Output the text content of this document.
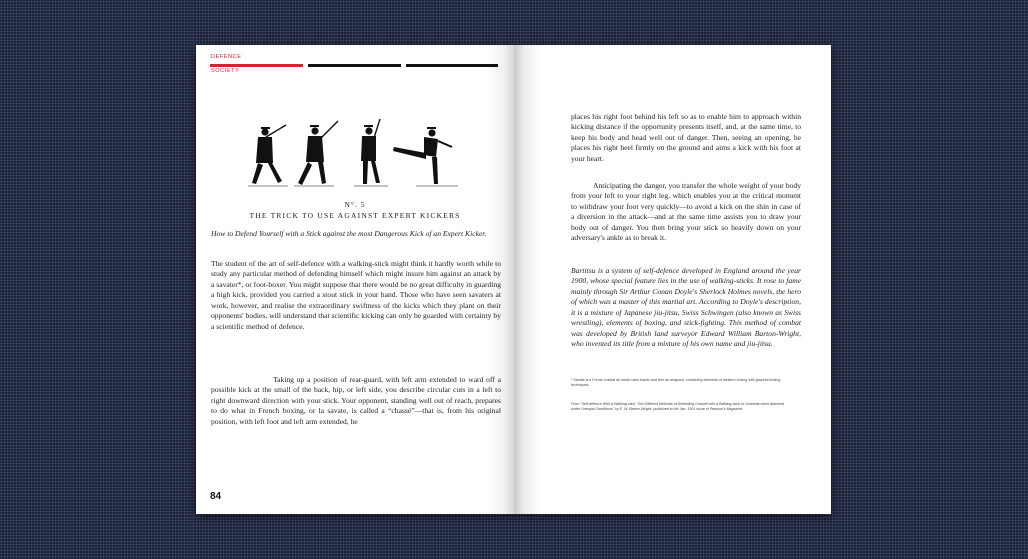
DEFENCE
SOCIETY
N°. 5
THE TRICK TO USE AGAINST EXPERT KICKERS

How to Defend Yourself with a Stick against the most Dangerous Kick of an Expert Kicker.

The student of the art of self-defence with a walking-stick might think it hardly worth while to study any particular method of defending himself which might insure him against an attack by a savater*, or foot-boxer. You might suppose that there would be no great difficulty in guarding a high kick, provided you carried a stout stick in your hand. Those who have seen savaters at work, however, and realise the extraordinary swiftness of the kicks which they plant on their opponents' bodies, will understand that scientific kicking can only be guarded with certainty by a scientific method of defence.

Taking up a position of rear-guard, with left arm extended to ward off a possible kick at the small of the back, hip, or left side, you describe circular cuts in a left to right downward direction with your stick. Your opponent, standing well out of reach, prepares to do what in French boxing, or la savate, is called a “chassé”—that is, from his original position, with left foot and left arm extended, he

84

places his right foot behind his left so as to enable him to approach within kicking distance if the opportunity presents itself, and, at the same time, to keep his body and head well out of danger. Then, seeing an opening, he places his right heel firmly on the ground and aims a kick with his foot at your heart.

Anticipating the danger, you transfer the whole weight of your body from your left to your right leg, which enables you at the critical moment to withdraw your foot very quickly—to avoid a kick on the shin in case of a diversion in the attack—and at the same time assists you to draw your body out of danger. You then bring your stick so heavily down on your adversary's ankle as to break it.

Bartitsu is a system of self-defence developed in England around the year 1900, whose special feature lies in the use of walking-sticks. It rose to fame mainly through Sir Arthur Conan Doyle's Sherlock Holmes novels, the hero of which was a master of this martial art. According to Doyle's description, it is a mixture of Japanese jiu-jitsu, Swiss Schwingen (also known as Swiss wrestling), elements of boxing, and stick-fighting. This method of combat was developed by British land surveyor Edward William Barton-Wright, who invented its title from a mixture of his own name and jiu-jitsu.

* Savate is a French martial art which uses hands and feet as weapons, containing elements of western boxing with graceful kicking techniques.

From “Self-defence With A Walking-stick: The Different Methods of Defending Oneself with a Walking-stick or Umbrella when Attacked under Unequal Conditions” by E. W. Barton-Wright, published in the Jan. 1901 issue of Pearson's Magazine.
